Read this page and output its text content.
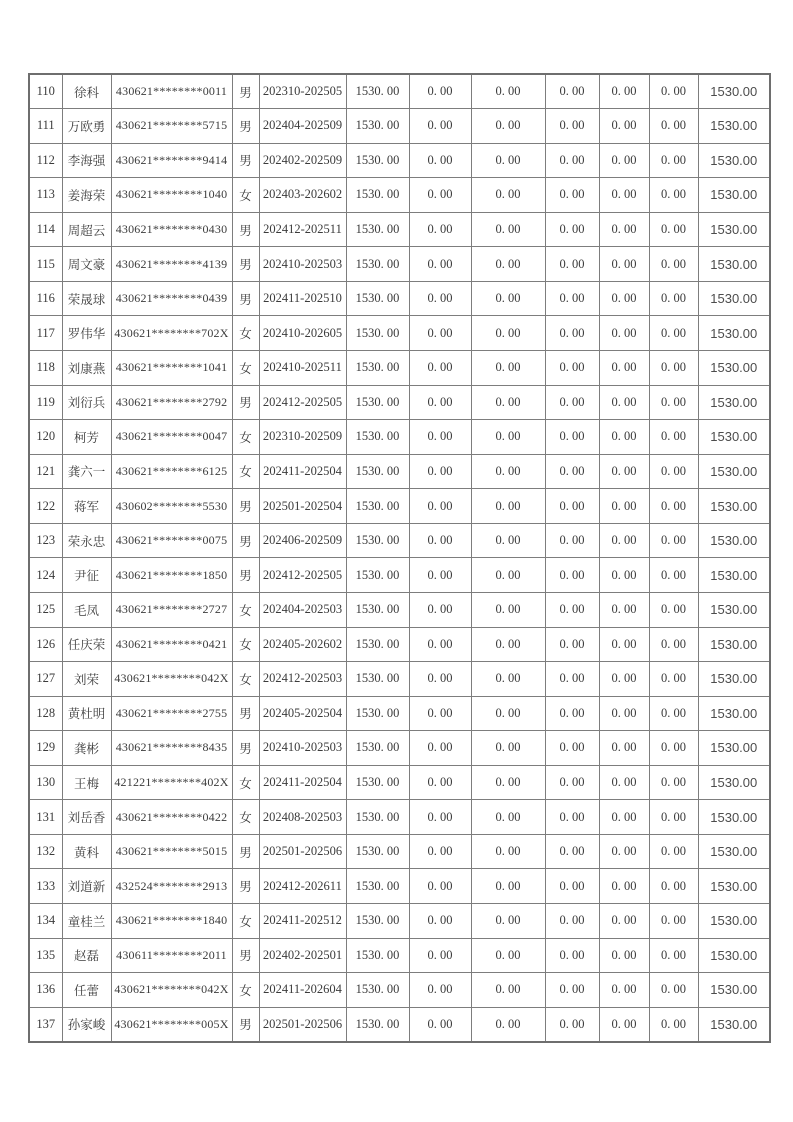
110	徐科	430621********0011	男	202310-202505	1530. 00	0. 00	0. 00	0. 00	0. 00	0. 00	1530.00
111	万欧勇	430621********5715	男	202404-202509	1530. 00	0. 00	0. 00	0. 00	0. 00	0. 00	1530.00
112	李海强	430621********9414	男	202402-202509	1530. 00	0. 00	0. 00	0. 00	0. 00	0. 00	1530.00
113	姜海荣	430621********1040	女	202403-202602	1530. 00	0. 00	0. 00	0. 00	0. 00	0. 00	1530.00
114	周超云	430621********0430	男	202412-202511	1530. 00	0. 00	0. 00	0. 00	0. 00	0. 00	1530.00
115	周文豪	430621********4139	男	202410-202503	1530. 00	0. 00	0. 00	0. 00	0. 00	0. 00	1530.00
116	荣晟球	430621********0439	男	202411-202510	1530. 00	0. 00	0. 00	0. 00	0. 00	0. 00	1530.00
117	罗伟华	430621********702X	女	202410-202605	1530. 00	0. 00	0. 00	0. 00	0. 00	0. 00	1530.00
118	刘康燕	430621********1041	女	202410-202511	1530. 00	0. 00	0. 00	0. 00	0. 00	0. 00	1530.00
119	刘衍兵	430621********2792	男	202412-202505	1530. 00	0. 00	0. 00	0. 00	0. 00	0. 00	1530.00
120	柯芳	430621********0047	女	202310-202509	1530. 00	0. 00	0. 00	0. 00	0. 00	0. 00	1530.00
121	龚六一	430621********6125	女	202411-202504	1530. 00	0. 00	0. 00	0. 00	0. 00	0. 00	1530.00
122	蒋军	430602********5530	男	202501-202504	1530. 00	0. 00	0. 00	0. 00	0. 00	0. 00	1530.00
123	荣永忠	430621********0075	男	202406-202509	1530. 00	0. 00	0. 00	0. 00	0. 00	0. 00	1530.00
124	尹征	430621********1850	男	202412-202505	1530. 00	0. 00	0. 00	0. 00	0. 00	0. 00	1530.00
125	毛凤	430621********2727	女	202404-202503	1530. 00	0. 00	0. 00	0. 00	0. 00	0. 00	1530.00
126	任庆荣	430621********0421	女	202405-202602	1530. 00	0. 00	0. 00	0. 00	0. 00	0. 00	1530.00
127	刘荣	430621********042X	女	202412-202503	1530. 00	0. 00	0. 00	0. 00	0. 00	0. 00	1530.00
128	黄杜明	430621********2755	男	202405-202504	1530. 00	0. 00	0. 00	0. 00	0. 00	0. 00	1530.00
129	龚彬	430621********8435	男	202410-202503	1530. 00	0. 00	0. 00	0. 00	0. 00	0. 00	1530.00
130	王梅	421221********402X	女	202411-202504	1530. 00	0. 00	0. 00	0. 00	0. 00	0. 00	1530.00
131	刘岳香	430621********0422	女	202408-202503	1530. 00	0. 00	0. 00	0. 00	0. 00	0. 00	1530.00
132	黄科	430621********5015	男	202501-202506	1530. 00	0. 00	0. 00	0. 00	0. 00	0. 00	1530.00
133	刘道新	432524********2913	男	202412-202611	1530. 00	0. 00	0. 00	0. 00	0. 00	0. 00	1530.00
134	童桂兰	430621********1840	女	202411-202512	1530. 00	0. 00	0. 00	0. 00	0. 00	0. 00	1530.00
135	赵磊	430611********2011	男	202402-202501	1530. 00	0. 00	0. 00	0. 00	0. 00	0. 00	1530.00
136	任蕾	430621********042X	女	202411-202604	1530. 00	0. 00	0. 00	0. 00	0. 00	0. 00	1530.00
137	孙家峻	430621********005X	男	202501-202506	1530. 00	0. 00	0. 00	0. 00	0. 00	0. 00	1530.00
